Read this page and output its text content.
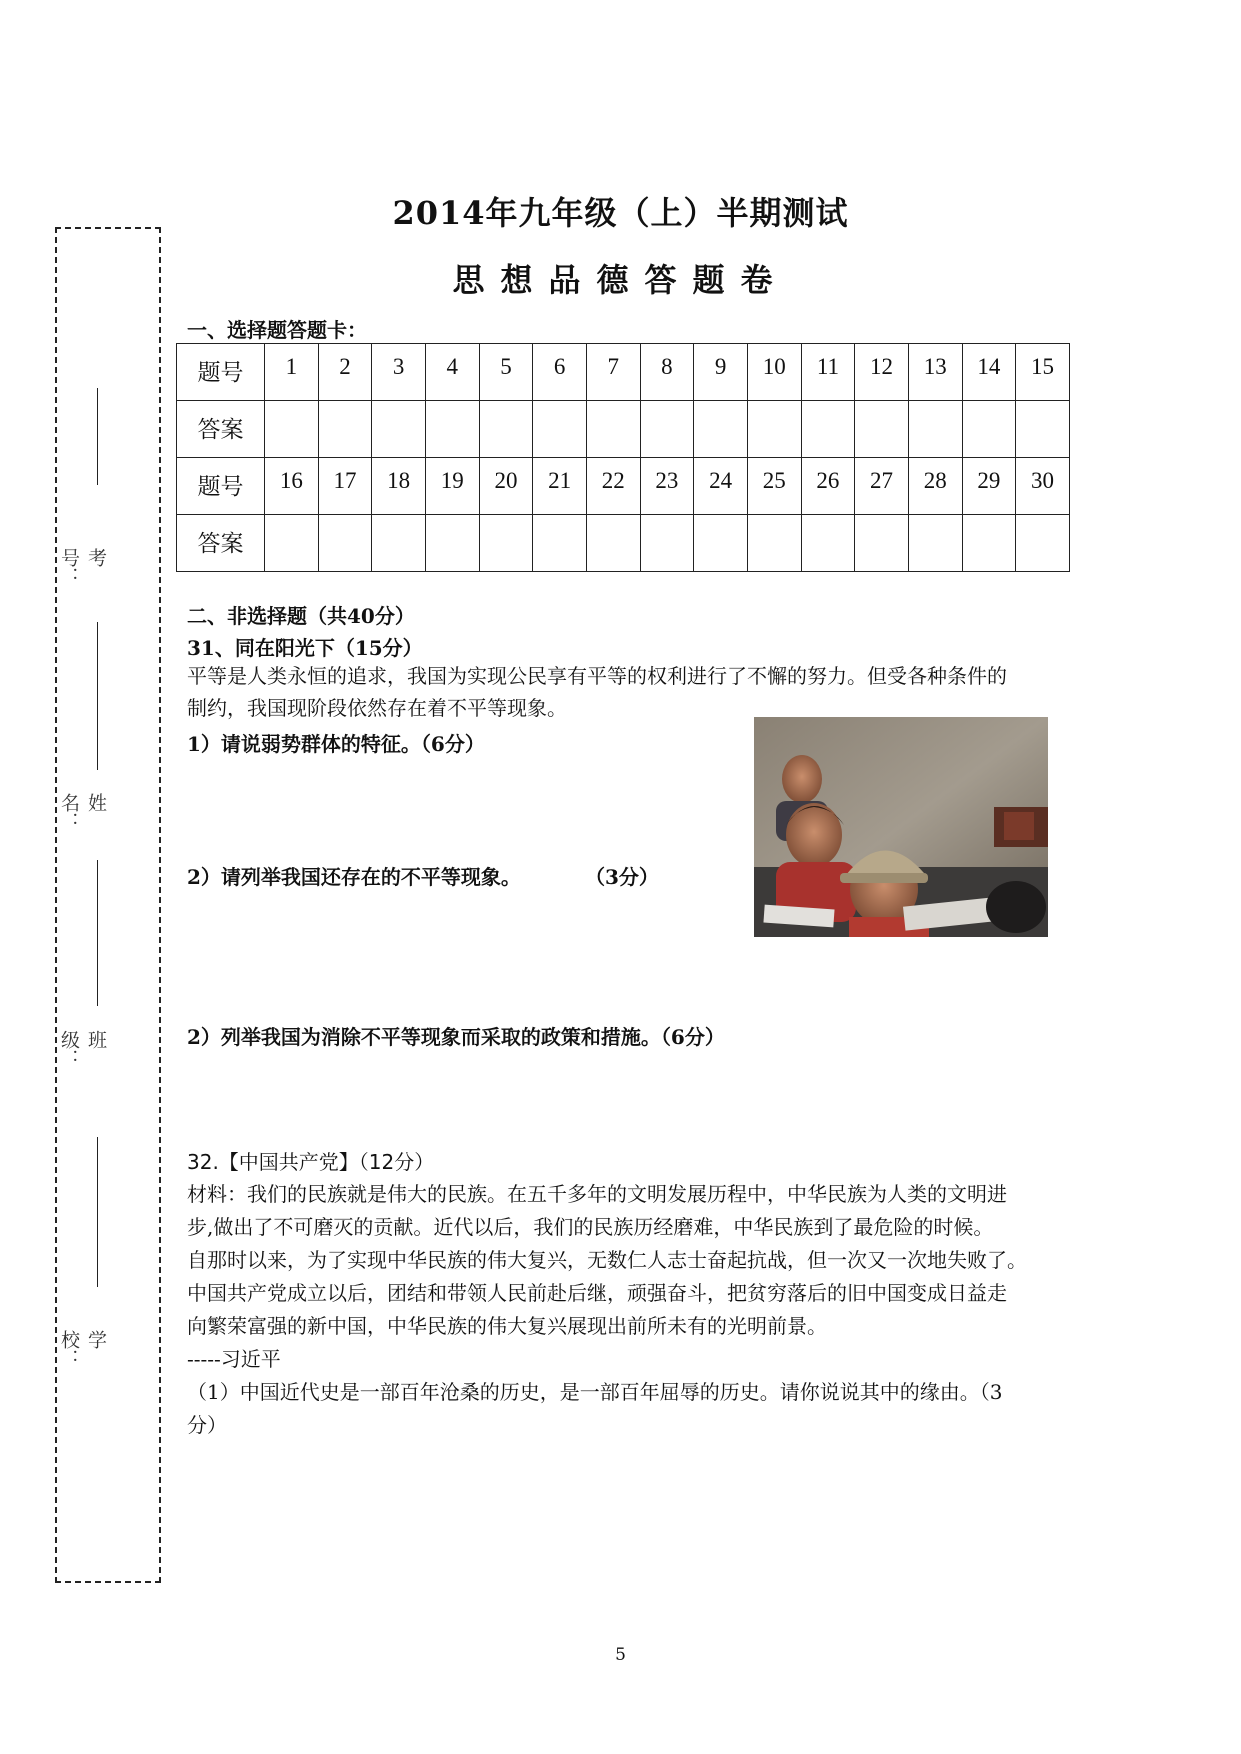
考号：
姓名：
班级：
学校：
2014年九年级（上）半期测试
思想品德答题卷
一、选择题答题卡：
题号	1	2	3	4	5	6	7	8	9	10	11	12	13	14	15
答案															
题号	16	17	18	19	20	21	22	23	24	25	26	27	28	29	30
答案															
二、非选择题（共40分）
31、同在阳光下（15分）
平等是人类永恒的追求，我国为实现公民享有平等的权利进行了不懈的努力。但受各种条件的
制约，我国现阶段依然存在着不平等现象。
1）请说弱势群体的特征。（6分）
2）请列举我国还存在的不平等现象。	（3分）
2）列举我国为消除不平等现象而采取的政策和措施。（6分）
32.【中国共产党】（12分）
材料：我们的民族就是伟大的民族。在五千多年的文明发展历程中，中华民族为人类的文明进
步,做出了不可磨灭的贡献。近代以后，我们的民族历经磨难，中华民族到了最危险的时候。
自那时以来，为了实现中华民族的伟大复兴，无数仁人志士奋起抗战，但一次又一次地失败了。
中国共产党成立以后，团结和带领人民前赴后继，顽强奋斗，把贫穷落后的旧中国变成日益走
向繁荣富强的新中国，中华民族的伟大复兴展现出前所未有的光明前景。
-----习近平
（1）中国近代史是一部百年沧桑的历史，是一部百年屈辱的历史。请你说说其中的缘由。（3
分）
5
